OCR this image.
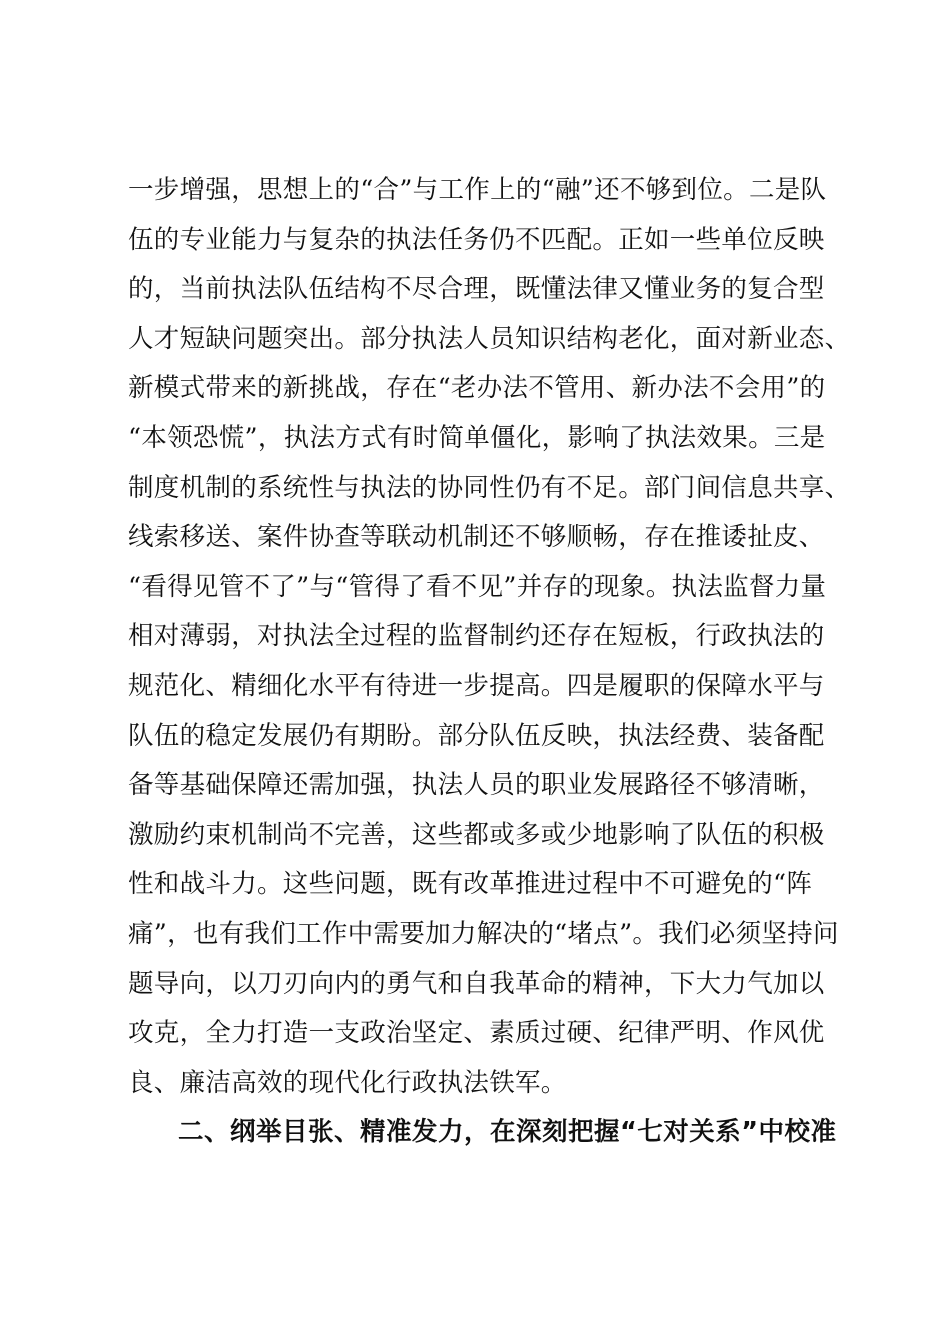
一步增强，思想上的“合”与工作上的“融”还不够到位。二是队
伍的专业能力与复杂的执法任务仍不匹配。正如一些单位反映
的，当前执法队伍结构不尽合理，既懂法律又懂业务的复合型
人才短缺问题突出。部分执法人员知识结构老化，面对新业态、
新模式带来的新挑战，存在“老办法不管用、新办法不会用”的
“本领恐慌”，执法方式有时简单僵化，影响了执法效果。三是
制度机制的系统性与执法的协同性仍有不足。部门间信息共享、
线索移送、案件协查等联动机制还不够顺畅，存在推诿扯皮、
“看得见管不了”与“管得了看不见”并存的现象。执法监督力量
相对薄弱，对执法全过程的监督制约还存在短板，行政执法的
规范化、精细化水平有待进一步提高。四是履职的保障水平与
队伍的稳定发展仍有期盼。部分队伍反映，执法经费、装备配
备等基础保障还需加强，执法人员的职业发展路径不够清晰，
激励约束机制尚不完善，这些都或多或少地影响了队伍的积极
性和战斗力。这些问题，既有改革推进过程中不可避免的“阵
痛”，也有我们工作中需要加力解决的“堵点”。我们必须坚持问
题导向，以刀刃向内的勇气和自我革命的精神，下大力气加以
攻克，全力打造一支政治坚定、素质过硬、纪律严明、作风优
良、廉洁高效的现代化行政执法铁军。
二、纲举目张、精准发力，在深刻把握“七对关系”中校准
